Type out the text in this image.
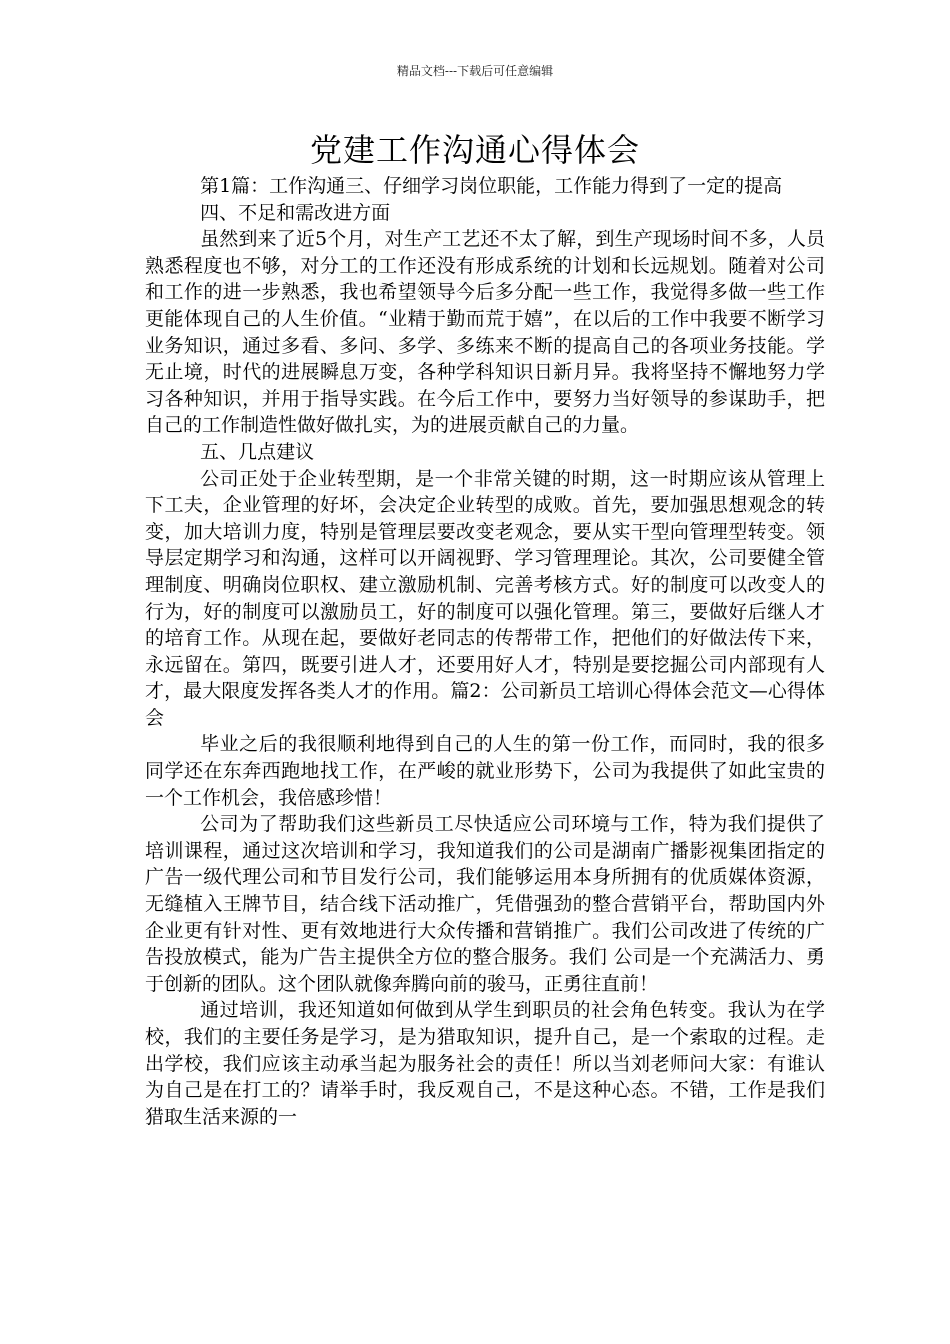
精品文档---下载后可任意编辑
党建工作沟通心得体会

第1篇：工作沟通三、仔细学习岗位职能，工作能力得到了一定的提高

四、不足和需改进方面

虽然到来了近5个月，对生产工艺还不太了解，到生产现场时间不多，人员熟悉程度也不够，对分工的工作还没有形成系统的计划和长远规划。随着对公司和工作的进一步熟悉，我也希望领导今后多分配一些工作，我觉得多做一些工作更能体现自己的人生价值。“业精于勤而荒于嬉”，在以后的工作中我要不断学习业务知识，通过多看、多问、多学、多练来不断的提高自己的各项业务技能。学无止境，时代的进展瞬息万变，各种学科知识日新月异。我将坚持不懈地努力学习各种知识，并用于指导实践。在今后工作中，要努力当好领导的参谋助手，把自己的工作制造性做好做扎实，为的进展贡献自己的力量。

五、几点建议

公司正处于企业转型期，是一个非常关键的时期，这一时期应该从管理上下工夫，企业管理的好坏，会决定企业转型的成败。首先，要加强思想观念的转变，加大培训力度，特别是管理层要改变老观念，要从实干型向管理型转变。领导层定期学习和沟通，这样可以开阔视野、学习管理理论。其次，公司要健全管理制度、明确岗位职权、建立激励机制、完善考核方式。好的制度可以改变人的行为，好的制度可以激励员工，好的制度可以强化管理。第三，要做好后继人才的培育工作。从现在起，要做好老同志的传帮带工作，把他们的好做法传下来，永远留在。第四，既要引进人才，还要用好人才，特别是要挖掘公司内部现有人才，最大限度发挥各类人才的作用。篇2：公司新员工培训心得体会范文—心得体会

毕业之后的我很顺利地得到自己的人生的第一份工作，而同时，我的很多同学还在东奔西跑地找工作，在严峻的就业形势下，公司为我提供了如此宝贵的一个工作机会，我倍感珍惜！

公司为了帮助我们这些新员工尽快适应公司环境与工作，特为我们提供了培训课程，通过这次培训和学习，我知道我们的公司是湖南广播影视集团指定的广告一级代理公司和节目发行公司，我们能够运用本身所拥有的优质媒体资源，无缝植入王牌节目，结合线下活动推广，凭借强劲的整合营销平台，帮助国内外企业更有针对性、更有效地进行大众传播和营销推广。我们公司改进了传统的广告投放模式，能为广告主提供全方位的整合服务。我们 公司是一个充满活力、勇于创新的团队。这个团队就像奔腾向前的骏马，正勇往直前！

通过培训，我还知道如何做到从学生到职员的社会角色转变。我认为在学校，我们的主要任务是学习，是为猎取知识，提升自己，是一个索取的过程。走出学校，我们应该主动承当起为服务社会的责任！所以当刘老师问大家：有谁认为自己是在打工的？请举手时，我反观自己，不是这种心态。不错，工作是我们猎取生活来源的一
